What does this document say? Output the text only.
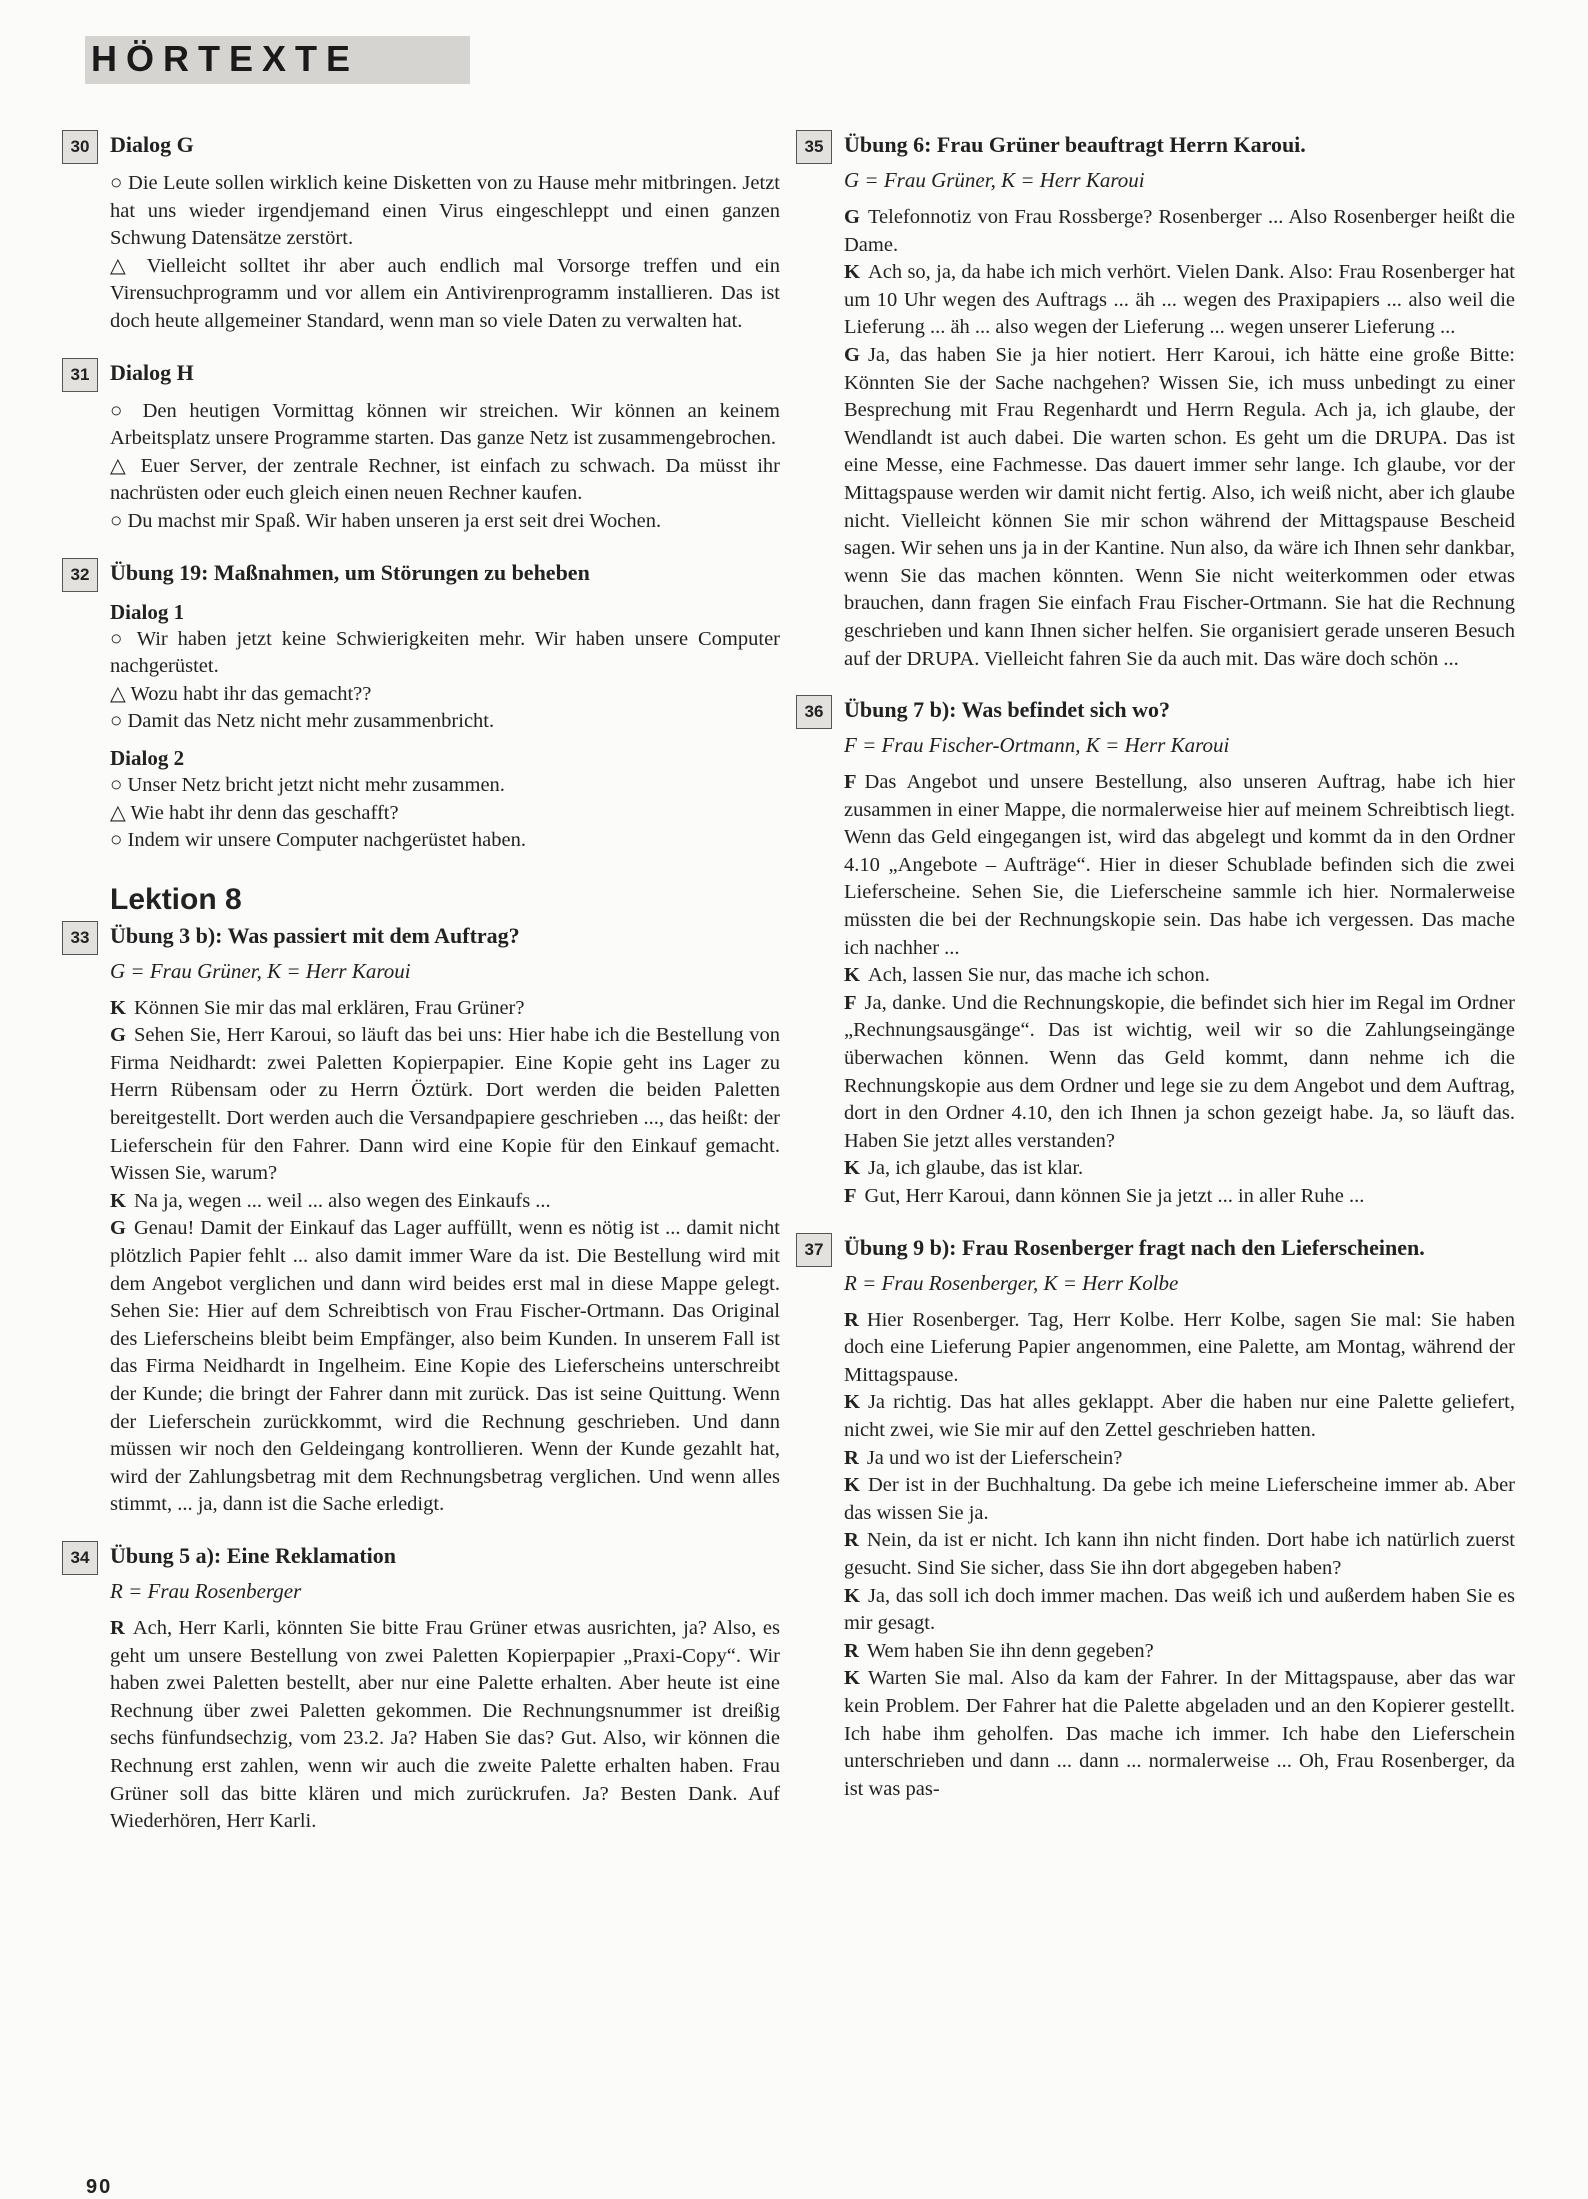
HÖRTEXTE
30 Dialog G
○ Die Leute sollen wirklich keine Disketten von zu Hause mehr mitbringen. Jetzt hat uns wieder irgendjemand einen Virus eingeschleppt und einen ganzen Schwung Datensätze zerstört.
△ Vielleicht solltet ihr aber auch endlich mal Vorsorge treffen und ein Virensuchprogramm und vor allem ein Antivirenprogramm installieren. Das ist doch heute allgemeiner Standard, wenn man so viele Daten zu verwalten hat.
31 Dialog H
○ Den heutigen Vormittag können wir streichen. Wir können an keinem Arbeitsplatz unsere Programme starten. Das ganze Netz ist zusammengebrochen.
△ Euer Server, der zentrale Rechner, ist einfach zu schwach. Da müsst ihr nachrüsten oder euch gleich einen neuen Rechner kaufen.
○ Du machst mir Spaß. Wir haben unseren ja erst seit drei Wochen.
32 Übung 19: Maßnahmen, um Störungen zu beheben
Dialog 1
○ Wir haben jetzt keine Schwierigkeiten mehr. Wir haben unsere Computer nachgerüstet.
△ Wozu habt ihr das gemacht??
○ Damit das Netz nicht mehr zusammenbricht.
Dialog 2
○ Unser Netz bricht jetzt nicht mehr zusammen.
△ Wie habt ihr denn das geschafft?
○ Indem wir unsere Computer nachgerüstet haben.
Lektion 8
33 Übung 3 b): Was passiert mit dem Auftrag?
G = Frau Grüner, K = Herr Karoui
K Können Sie mir das mal erklären, Frau Grüner?
G Sehen Sie, Herr Karoui, so läuft das bei uns: Hier habe ich die Bestellung von Firma Neidhardt: zwei Paletten Kopierpapier. Eine Kopie geht ins Lager zu Herrn Rübensam oder zu Herrn Öztürk. Dort werden die beiden Paletten bereitgestellt. Dort werden auch die Versandpapiere geschrieben ..., das heißt: der Lieferschein für den Fahrer. Dann wird eine Kopie für den Einkauf gemacht. Wissen Sie, warum?
K Na ja, wegen ... weil ... also wegen des Einkaufs ...
G Genau! Damit der Einkauf das Lager auffüllt, wenn es nötig ist ... damit nicht plötzlich Papier fehlt ... also damit immer Ware da ist. Die Bestellung wird mit dem Angebot verglichen und dann wird beides erst mal in diese Mappe gelegt. Sehen Sie: Hier auf dem Schreibtisch von Frau Fischer-Ortmann. Das Original des Lieferscheins bleibt beim Empfänger, also beim Kunden. In unserem Fall ist das Firma Neidhardt in Ingelheim. Eine Kopie des Lieferscheins unterschreibt der Kunde; die bringt der Fahrer dann mit zurück. Das ist seine Quittung. Wenn der Lieferschein zurückkommt, wird die Rechnung geschrieben. Und dann müssen wir noch den Geldeingang kontrollieren. Wenn der Kunde gezahlt hat, wird der Zahlungsbetrag mit dem Rechnungsbetrag verglichen. Und wenn alles stimmt, ... ja, dann ist die Sache erledigt.
34 Übung 5 a): Eine Reklamation
R = Frau Rosenberger
R Ach, Herr Karli, könnten Sie bitte Frau Grüner etwas ausrichten, ja? Also, es geht um unsere Bestellung von zwei Paletten Kopierpapier „Praxi-Copy“. Wir haben zwei Paletten bestellt, aber nur eine Palette erhalten. Aber heute ist eine Rechnung über zwei Paletten gekommen. Die Rechnungsnummer ist dreißig sechs fünfundsechzig, vom 23.2. Ja? Haben Sie das? Gut. Also, wir können die Rechnung erst zahlen, wenn wir auch die zweite Palette erhalten haben. Frau Grüner soll das bitte klären und mich zurückrufen. Ja? Besten Dank. Auf Wiederhören, Herr Karli.
35 Übung 6: Frau Grüner beauftragt Herrn Karoui.
G = Frau Grüner, K = Herr Karoui
G Telefonnotiz von Frau Rossberge? Rosenberger ... Also Rosenberger heißt die Dame.
K Ach so, ja, da habe ich mich verhört. Vielen Dank. Also: Frau Rosenberger hat um 10 Uhr wegen des Auftrags ... äh ... wegen des Praxipapiers ... also weil die Lieferung ... äh ... also wegen der Lieferung ... wegen unserer Lieferung ...
G Ja, das haben Sie ja hier notiert. Herr Karoui, ich hätte eine große Bitte: Könnten Sie der Sache nachgehen? Wissen Sie, ich muss unbedingt zu einer Besprechung mit Frau Regenhardt und Herrn Regula. Ach ja, ich glaube, der Wendlandt ist auch dabei. Die warten schon. Es geht um die DRUPA. Das ist eine Messe, eine Fachmesse. Das dauert immer sehr lange. Ich glaube, vor der Mittagspause werden wir damit nicht fertig. Also, ich weiß nicht, aber ich glaube nicht. Vielleicht können Sie mir schon während der Mittagspause Bescheid sagen. Wir sehen uns ja in der Kantine. Nun also, da wäre ich Ihnen sehr dankbar, wenn Sie das machen könnten. Wenn Sie nicht weiterkommen oder etwas brauchen, dann fragen Sie einfach Frau Fischer-Ortmann. Sie hat die Rechnung geschrieben und kann Ihnen sicher helfen. Sie organisiert gerade unseren Besuch auf der DRUPA. Vielleicht fahren Sie da auch mit. Das wäre doch schön ...
36 Übung 7 b): Was befindet sich wo?
F = Frau Fischer-Ortmann, K = Herr Karoui
F Das Angebot und unsere Bestellung, also unseren Auftrag, habe ich hier zusammen in einer Mappe, die normalerweise hier auf meinem Schreibtisch liegt. Wenn das Geld eingegangen ist, wird das abgelegt und kommt da in den Ordner 4.10 „Angebote – Aufträge“. Hier in dieser Schublade befinden sich die zwei Lieferscheine. Sehen Sie, die Lieferscheine sammle ich hier. Normalerweise müssten die bei der Rechnungskopie sein. Das habe ich vergessen. Das mache ich nachher ...
K Ach, lassen Sie nur, das mache ich schon.
F Ja, danke. Und die Rechnungskopie, die befindet sich hier im Regal im Ordner „Rechnungsausgänge“. Das ist wichtig, weil wir so die Zahlungseingänge überwachen können. Wenn das Geld kommt, dann nehme ich die Rechnungskopie aus dem Ordner und lege sie zu dem Angebot und dem Auftrag, dort in den Ordner 4.10, den ich Ihnen ja schon gezeigt habe. Ja, so läuft das. Haben Sie jetzt alles verstanden?
K Ja, ich glaube, das ist klar.
F Gut, Herr Karoui, dann können Sie ja jetzt ... in aller Ruhe ...
37 Übung 9 b): Frau Rosenberger fragt nach den Lieferscheinen.
R = Frau Rosenberger, K = Herr Kolbe
R Hier Rosenberger. Tag, Herr Kolbe. Herr Kolbe, sagen Sie mal: Sie haben doch eine Lieferung Papier angenommen, eine Palette, am Montag, während der Mittagspause.
K Ja richtig. Das hat alles geklappt. Aber die haben nur eine Palette geliefert, nicht zwei, wie Sie mir auf den Zettel geschrieben hatten.
R Ja und wo ist der Lieferschein?
K Der ist in der Buchhaltung. Da gebe ich meine Lieferscheine immer ab. Aber das wissen Sie ja.
R Nein, da ist er nicht. Ich kann ihn nicht finden. Dort habe ich natürlich zuerst gesucht. Sind Sie sicher, dass Sie ihn dort abgegeben haben?
K Ja, das soll ich doch immer machen. Das weiß ich und außerdem haben Sie es mir gesagt.
R Wem haben Sie ihn denn gegeben?
K Warten Sie mal. Also da kam der Fahrer. In der Mittagspause, aber das war kein Problem. Der Fahrer hat die Palette abgeladen und an den Kopierer gestellt. Ich habe ihm geholfen. Das mache ich immer. Ich habe den Lieferschein unterschrieben und dann ... dann ... normalerweise ... Oh, Frau Rosenberger, da ist was pas-
90
